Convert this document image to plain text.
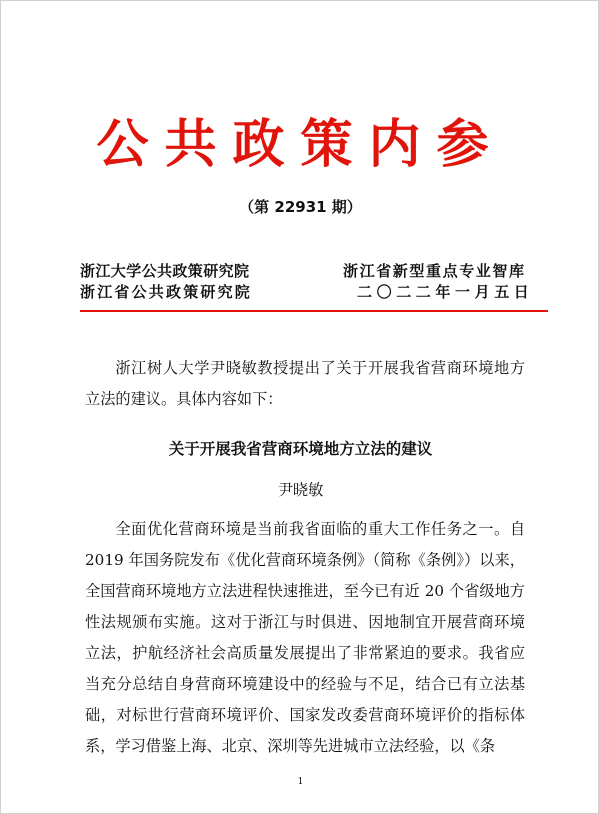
公共政策内参
（第 22931 期）
浙江大学公共政策研究院
浙江省公共政策研究院
浙江省新型重点专业智库
二〇二二年一月五日

浙江树人大学尹晓敏教授提出了关于开展我省营商环境地方立法的建议。具体内容如下：

关于开展我省营商环境地方立法的建议
尹晓敏

全面优化营商环境是当前我省面临的重大工作任务之一。自 2019 年国务院发布《优化营商环境条例》（简称《条例》）以来，全国营商环境地方立法进程快速推进，至今已有近 20 个省级地方性法规颁布实施。这对于浙江与时俱进、因地制宜开展营商环境立法，护航经济社会高质量发展提出了非常紧迫的要求。我省应当充分总结自身营商环境建设中的经验与不足，结合已有立法基础，对标世行营商环境评价、国家发改委营商环境评价的指标体系，学习借鉴上海、北京、深圳等先进城市立法经验，以《条

1
